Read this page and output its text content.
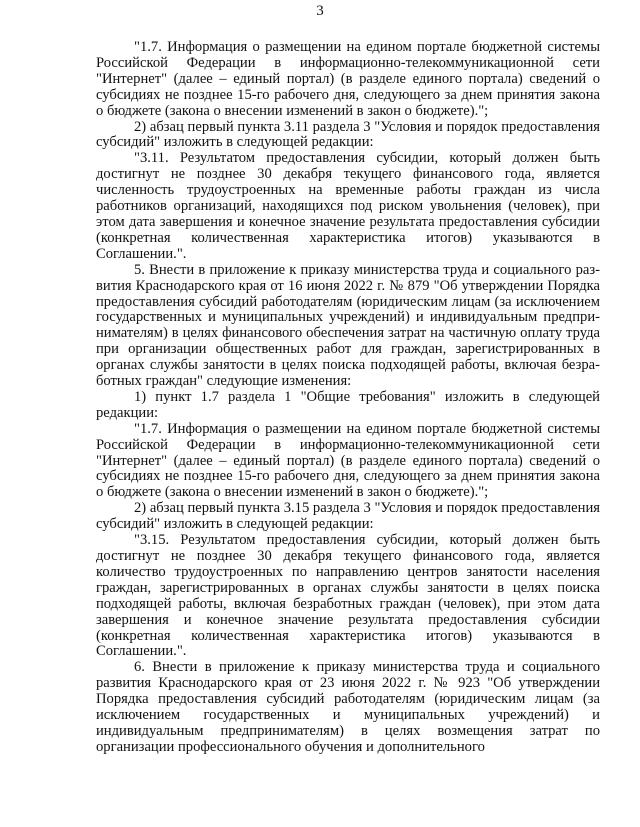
3

"1.7. Информация о размещении на едином портале бюджетной системы Российской Федерации в информационно-телекоммуникационной сети "Интернет" (далее – единый портал) (в разделе единого портала) сведений о субсидиях не позднее 15-го рабочего дня, следующего за днем принятия закона о бюджете (закона о внесении изменений в закон о бюджете).";

2) абзац первый пункта 3.11 раздела 3 "Условия и порядок предоставления субсидий" изложить в следующей редакции:

"3.11. Результатом предоставления субсидии, который должен быть достигнут не позднее 30 декабря текущего финансового года, является численность трудоустроенных на временные работы граждан из числа работников организаций, находящихся под риском увольнения (человек), при этом дата завершения и конечное значение результата предоставления субсидии (конкретная количественная характеристика итогов) указываются в Соглашении.".

5. Внести в приложение к приказу министерства труда и социального развития Краснодарского края от 16 июня 2022 г. № 879 "Об утверждении Порядка предоставления субсидий работодателям (юридическим лицам (за исключением государственных и муниципальных учреждений) и индивидуальным предпринимателям) в целях финансового обеспечения затрат на частичную оплату труда при организации общественных работ для граждан, зарегистрированных в органах службы занятости в целях поиска подходящей работы, включая безработных граждан" следующие изменения:

1) пункт 1.7 раздела 1 "Общие требования" изложить в следующей редакции:

"1.7. Информация о размещении на едином портале бюджетной системы Российской Федерации в информационно-телекоммуникационной сети "Интернет" (далее – единый портал) (в разделе единого портала) сведений о субсидиях не позднее 15-го рабочего дня, следующего за днем принятия закона о бюджете (закона о внесении изменений в закон о бюджете).";

2) абзац первый пункта 3.15 раздела 3 "Условия и порядок предоставления субсидий" изложить в следующей редакции:

"3.15. Результатом предоставления субсидии, который должен быть достигнут не позднее 30 декабря текущего финансового года, является количество трудоустроенных по направлению центров занятости населения граждан, зарегистрированных в органах службы занятости в целях поиска подходящей работы, включая безработных граждан (человек), при этом дата завершения и конечное значение результата предоставления субсидии (конкретная количественная характеристика итогов) указываются в Соглашении.".

6. Внести в приложение к приказу министерства труда и социального развития Краснодарского края от 23 июня 2022 г. № 923 "Об утверждении Порядка предоставления субсидий работодателям (юридическим лицам (за исключением государственных и муниципальных учреждений) и индивидуальным предпринимателям) в целях возмещения затрат по организации профессионального обучения и дополнительного
